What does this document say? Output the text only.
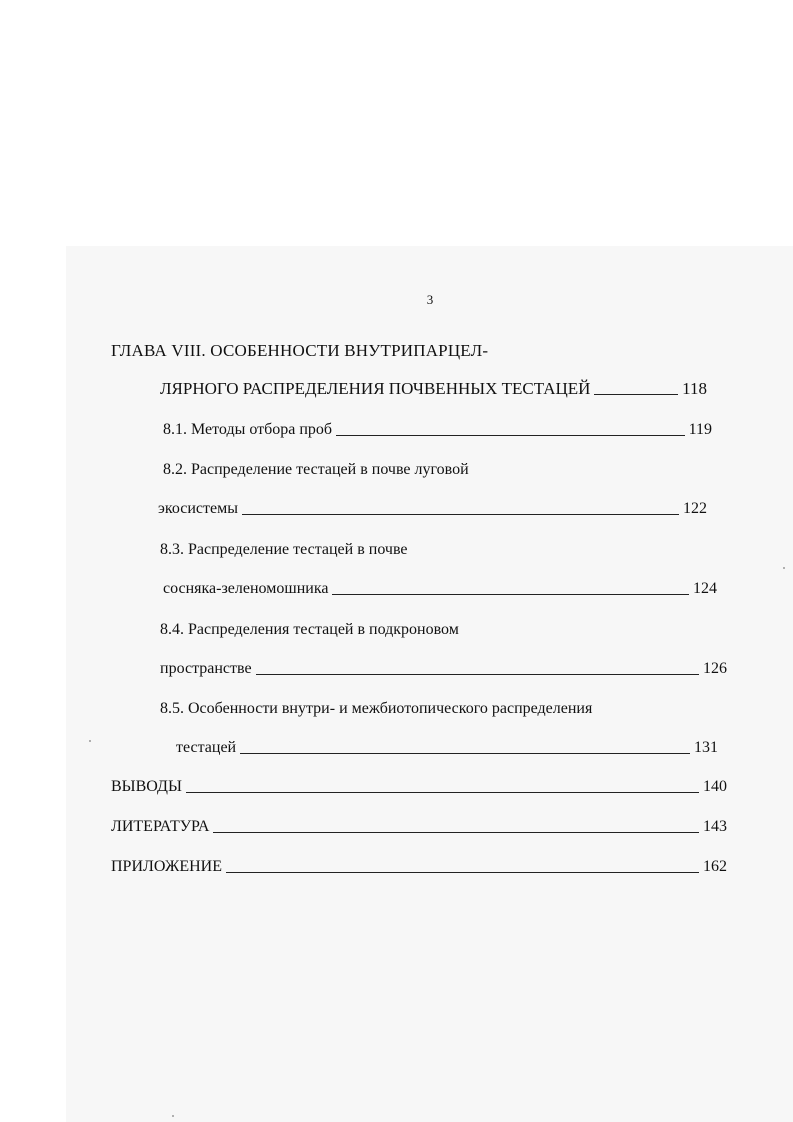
3
ГЛАВА VIII. ОСОБЕННОСТИ ВНУТРИПАРЦЕЛ-
ЛЯРНОГО РАСПРЕДЕЛЕНИЯ ПОЧВЕННЫХ ТЕСТАЦЕЙ	118
8.1. Методы отбора проб	119
8.2. Распределение тестацей в почве луговой
экосистемы	122
8.3. Распределение тестацей в почве
сосняка-зеленомошника	124
8.4. Распределения тестацей в подкроновом
пространстве	126
8.5. Особенности внутри- и межбиотопического распределения
тестацей	131
ВЫВОДЫ	140
ЛИТЕРАТУРА	143
ПРИЛОЖЕНИЕ	162
